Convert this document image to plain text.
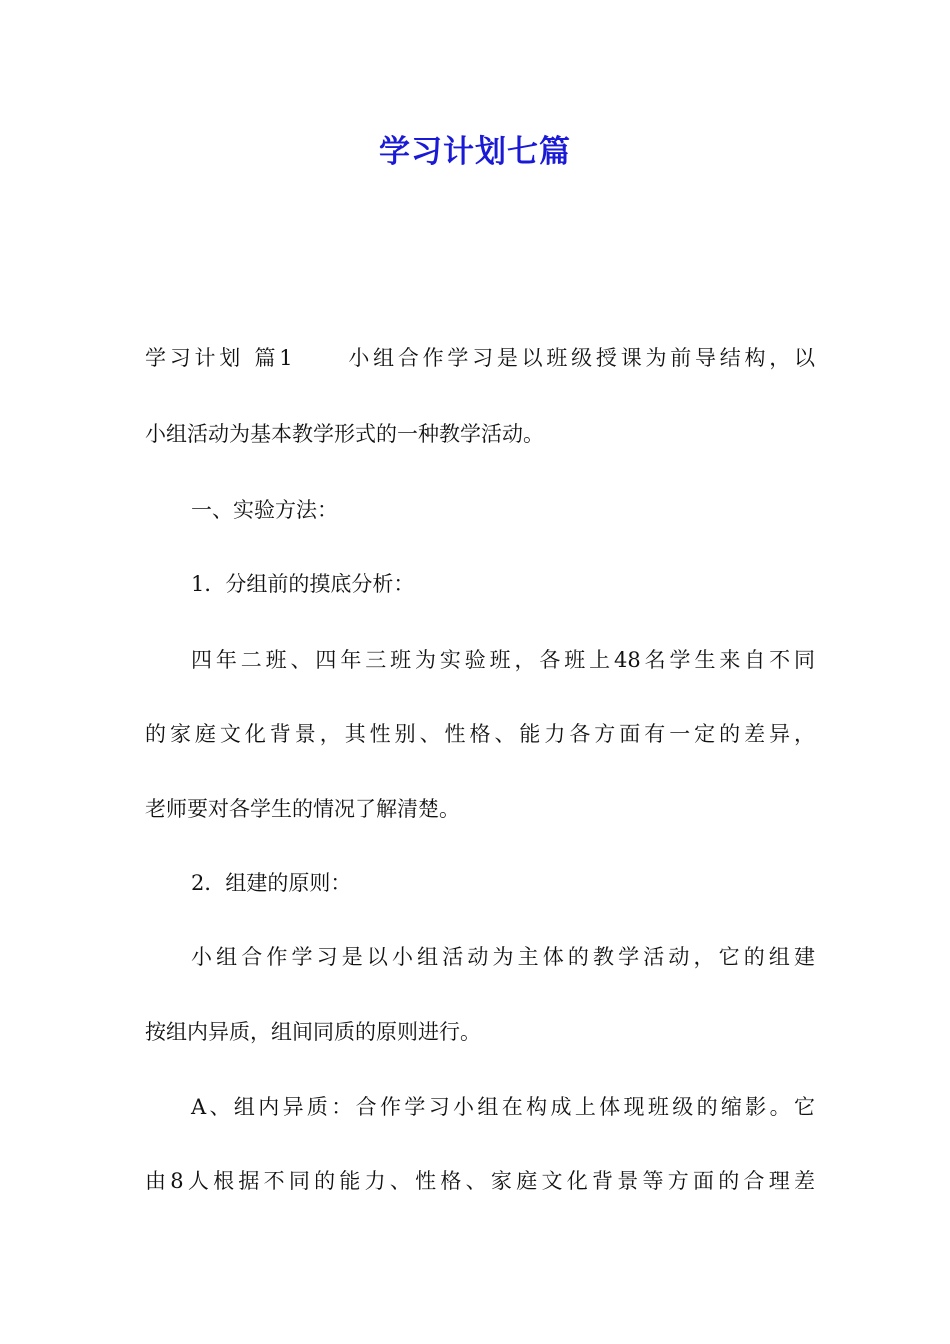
学习计划七篇
学习计划 篇1 小组合作学习是以班级授课为前导结构，以
小组活动为基本教学形式的一种教学活动。
一、实验方法：
1．分组前的摸底分析：
四年二班、四年三班为实验班，各班上48名学生来自不同
的家庭文化背景，其性别、性格、能力各方面有一定的差异，
老师要对各学生的情况了解清楚。
2．组建的原则：
小组合作学习是以小组活动为主体的教学活动，它的组建
按组内异质，组间同质的原则进行。
A、组内异质：合作学习小组在构成上体现班级的缩影。它
由8人根据不同的能力、性格、家庭文化背景等方面的合理差
